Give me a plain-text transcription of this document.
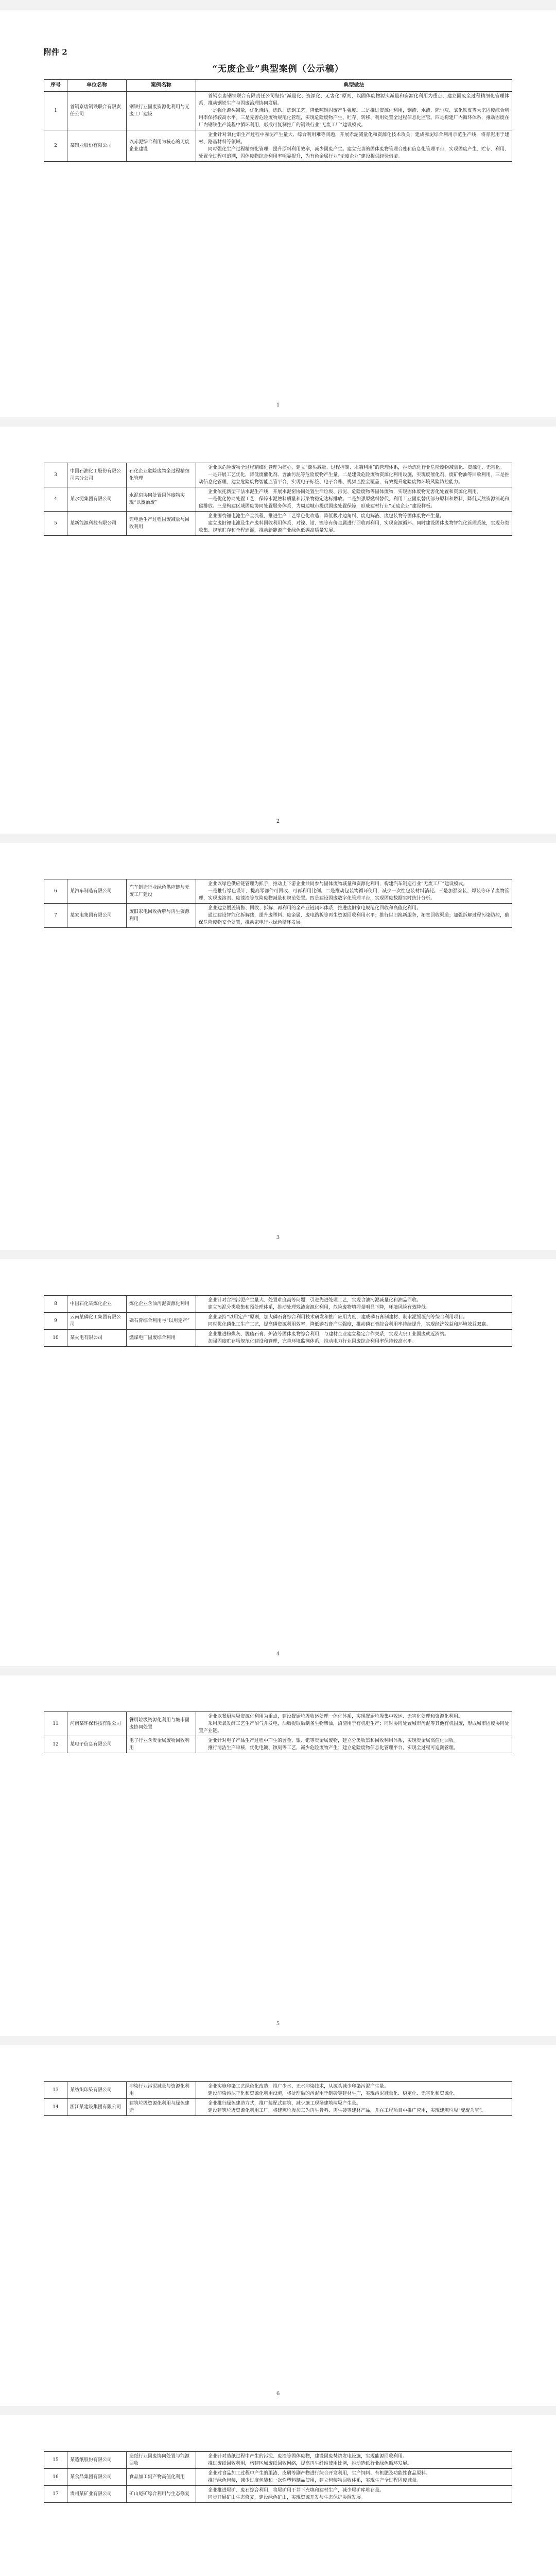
附件 2
“无废企业”典型案例（公示稿）
序号	单位名称	案例名称	典型做法
1	首钢京唐钢铁联合有限责任公司	钢铁行业固废资源化利用与无废工厂建设	首钢京唐钢铁联合有限责任公司坚持“减量化、资源化、无害化”原则，以固体废物源头减量和资源化利用为重点，建立固废全过程精细化管理体系，推动钢铁生产与固废治理协同发展。

一是强化源头减量，优化烧结、炼铁、炼钢工艺，降低吨钢固废产生强度。二是推进资源化利用，钢渣、水渣、除尘灰、氧化铁皮等大宗固废综合利用率保持较高水平。三是完善危险废物规范化管理，实现危险废物产生、贮存、转移、利用处置全过程信息化监管。四是构建厂内循环体系，推动固废在厂内钢铁生产流程中循环利用，形成可复制推广的钢铁行业“无废工厂”建设模式。

2	某铝业股份有限公司	以赤泥综合利用为核心的无废企业建设	企业针对氧化铝生产过程中赤泥产生量大、综合利用难等问题，开展赤泥减量化和资源化技术攻关，建成赤泥综合利用示范生产线，将赤泥用于建材、路基材料等领域。

同时强化生产过程精细化管理，提升原料利用效率，减少固废产生。建立完善的固体废物管理台账和信息化管理平台，实现固废产生、贮存、利用、处置全过程可追溯，固体废物综合利用率明显提升，为有色金属行业“无废企业”建设提供经验借鉴。

1
3	中国石油化工股份有限公司某分公司	石化企业危险废物全过程精细化管理	企业以危险废物全过程精细化管理为核心，建立“源头减量、过程控制、末端利用”的管理体系，推动炼化行业危险废物减量化、资源化、无害化。

一是开展工艺优化，降低废催化剂、含油污泥等危险废物产生量。二是建设危险废物资源化利用设施，实现废催化剂、废矿物油等回收利用。三是推动信息化管理，建立危险废物智能监管平台，实现电子标签、电子台账、视频监控全覆盖，有效提升危险废物环境风险防控能力。

4	某水泥集团有限公司	水泥窑协同处置固体废物实现“以废治废”	企业依托新型干法水泥生产线，开展水泥窑协同处置生活垃圾、污泥、危险废物等固体废物，实现固体废物无害化处置和资源化利用。

一是优化协同处置工艺，保障水泥熟料质量和污染物稳定达标排放。二是加强原燃料替代，利用工业固废替代部分原料和燃料，降低天然资源消耗和碳排放。三是构建区域固废协同处置服务体系，为周边城市提供固废处置保障，形成建材行业“无废企业”建设样板。

5	某新能源科技有限公司	锂电池生产过程固废减量与回收利用	企业围绕锂电池生产全流程，推进生产工艺绿色化改造，降低极片边角料、废电解液、废包装物等固体废物产生量。

建立废旧锂电池及生产废料回收利用体系，对镍、钴、锂等有价金属进行回收再利用，实现资源循环。同时建设固体废物智能化管理系统，实现分类收集、规范贮存和全程追溯，推动新能源产业绿色低碳高质量发展。

2
6	某汽车制造有限公司	汽车制造行业绿色供应链与无废工厂建设	企业以绿色供应链管理为抓手，推动上下游企业共同参与固体废物减量和资源化利用，构建汽车制造行业“无废工厂”建设模式。

一是推行绿色设计，提高零部件可回收、可再利用比例。二是推动包装物循环使用，减少一次性包装材料消耗。三是加强涂装、焊装等环节废物管理，实现废溶剂、废漆渣等危险废物减量和规范处置。四是建设固废数字化管理平台，实现固废数据实时统计分析。

7	某家电集团有限公司	废旧家电回收拆解与再生资源利用	企业建立覆盖销售、回收、拆解、再利用的全产业链闭环体系，推进废旧家电规范化回收和高值化利用。

通过建设智能化拆解线，提升废塑料、废金属、废电路板等再生资源回收利用水平；推行以旧换新服务，拓宽回收渠道；加强拆解过程污染防控，确保危险废物安全处置，推动家电行业绿色循环发展。

3
8	中国石化某炼化企业	炼化企业含油污泥资源化利用	企业针对含油污泥产生量大、处置难度高等问题，引进先进处理工艺，实现含油污泥减量化和油品回收。

建立污泥分类收集和预处理体系，推动处理残渣资源化利用，危险废物填埋量明显下降，环境风险有效降低。

9	云南某磷化工集团有限公司	磷石膏综合利用与“以用定产”	企业坚持“以用定产”原则，加大磷石膏综合利用技术研发和推广应用力度，建成磷石膏制建材、制水泥缓凝剂等综合利用项目。

同时优化磷化工生产工艺，提高磷资源利用效率，降低磷石膏产生强度，推动磷石膏综合利用率持续提升，实现经济效益和环境效益双赢。

10	某火电有限公司	燃煤电厂固废综合利用	企业推进粉煤灰、脱硫石膏、炉渣等固体废物综合利用，与建材企业建立稳定合作关系，实现大宗工业固废就近消纳。

加强固废贮存场规范化建设和管理，完善环境监测体系，推动电力行业固废综合利用率保持较高水平。

4
11	河南某环保科技有限公司	餐厨垃圾资源化利用与城市固废协同处置	企业以餐厨垃圾资源化利用为重点，建设餐厨垃圾收运处理一体化体系，实现餐厨垃圾集中收运、无害化处理和资源化利用。

采用厌氧发酵工艺生产沼气并发电，油脂提取后制备生物柴油，沼渣用于有机肥生产；同时协同处置城市污泥等其他有机固废，形成城市固废协同处置产业链。

12	某电子信息有限公司	电子行业含贵金属废物回收利用	企业针对电子产品生产过程中产生的含金、银、钯等贵金属废物，建立分类收集和回收利用体系，实现贵金属高值化回收。

推行清洁生产审核，优化电镀、蚀刻等工艺，减少危险废物产生；建立危险废物信息化管理平台，实现全过程可追溯管理。

5
13	某纺织印染有限公司	印染行业污泥减量与资源化利用	企业实施印染工艺绿色化改造，推广少水、无水印染技术，从源头减少印染污泥产生量。

建设印染污泥干化和资源化利用设施，将处理后的污泥用于制砖等建材生产，实现污泥减量化、稳定化、无害化和资源化。

14	浙江某建设集团有限公司	建筑垃圾资源化利用与绿色建造	企业推行绿色建造方式，推广装配式建筑，减少施工现场建筑垃圾产生量。

建设建筑垃圾资源化利用工厂，将建筑垃圾加工为再生骨料、再生砖等建材产品，并在工程项目中推广应用，实现建筑垃圾“变废为宝”。

6
15	某造纸股份有限公司	造纸行业固废协同处置与能源回收	企业针对造纸过程中产生的污泥、废渣等固体废物，建设固废焚烧发电设施，实现能源回收利用。

推进废纸回收利用，构建区域废纸回收网络，提高再生纤维使用比例，推动造纸行业绿色循环发展。

16	某食品集团有限公司	食品加工副产物高值化利用	企业对食品加工过程中产生的果渣、皮屑等副产物进行综合开发利用，生产饲料、有机肥及功能性食品原料。

推行绿色包装，减少过度包装和一次性塑料制品使用，建立包装物回收体系，实现生产全过程固废减量。

17	贵州某矿业有限公司	矿山尾矿综合利用与生态修复	企业推进尾矿、废石综合利用，将尾矿用于井下充填和建材生产，减少尾矿库堆存量。

同步开展矿山生态修复，建设绿色矿山，实现资源开发与生态保护协调发展。
